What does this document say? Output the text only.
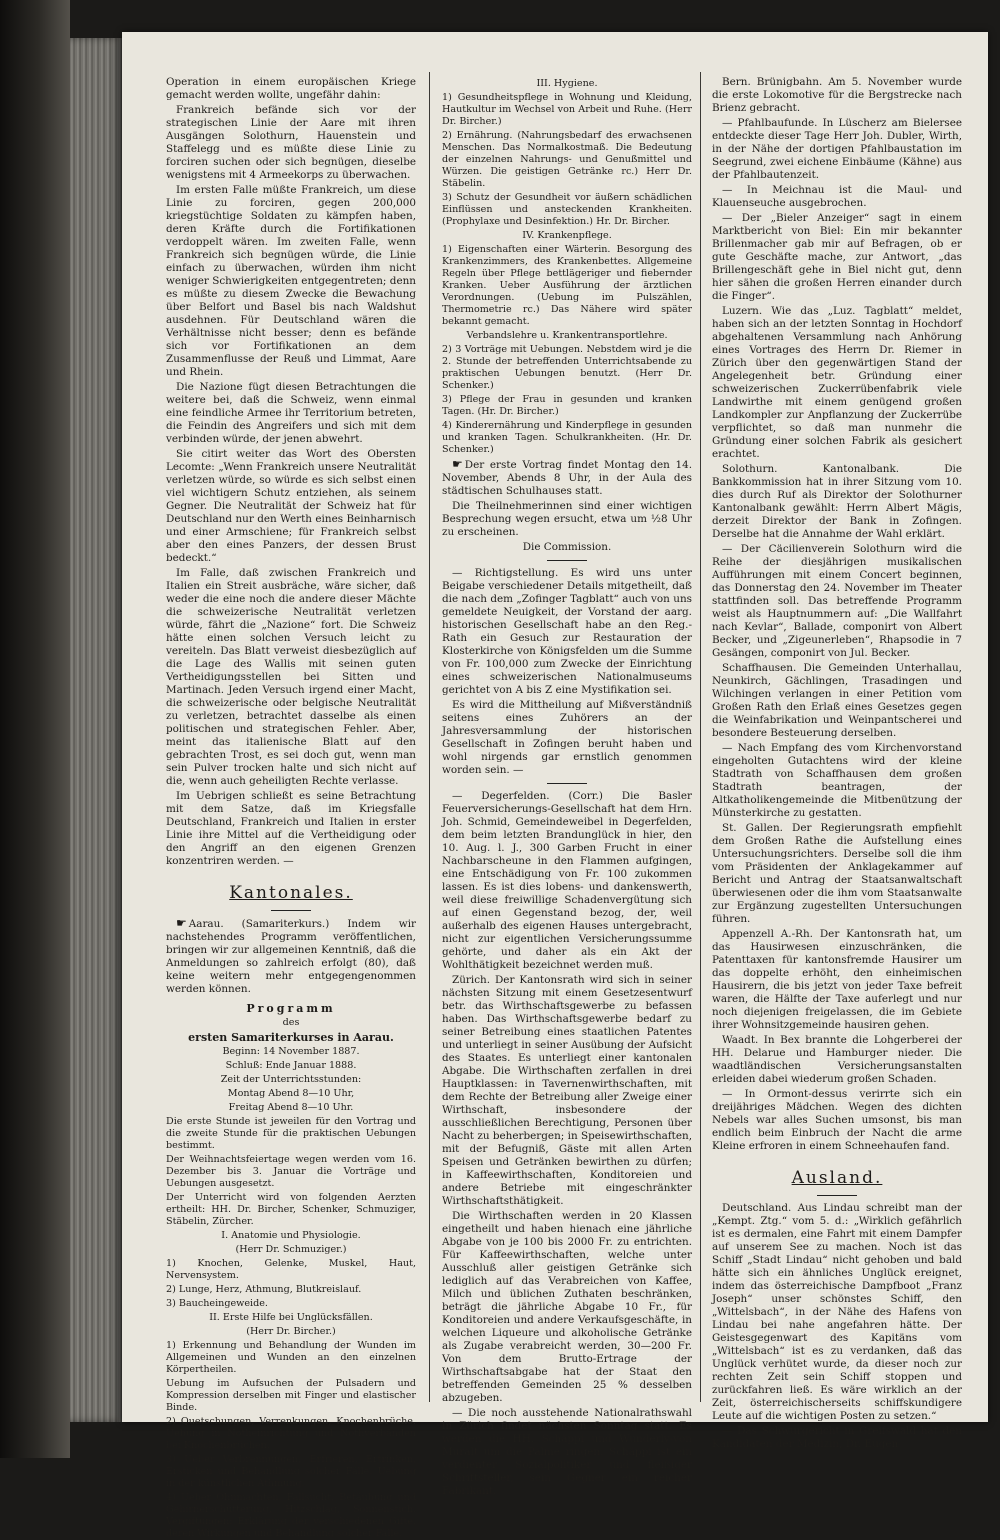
Operation in einem europäischen Kriege gemacht werden wollte, ungefähr dahin:

Frankreich befände sich vor der strategischen Linie der Aare mit ihren Ausgängen Solothurn, Hauenstein und Staffelegg und es müßte diese Linie zu forciren suchen oder sich begnügen, dieselbe wenigstens mit 4 Armeekorps zu überwachen.

Im ersten Falle müßte Frankreich, um diese Linie zu forciren, gegen 200,000 kriegstüchtige Soldaten zu kämpfen haben, deren Kräfte durch die Fortifikationen verdoppelt wären. Im zweiten Falle, wenn Frankreich sich begnügen würde, die Linie einfach zu überwachen, würden ihm nicht weniger Schwierigkeiten entgegentreten; denn es müßte zu diesem Zwecke die Bewachung über Belfort und Basel bis nach Waldshut ausdehnen. Für Deutschland wären die Verhältnisse nicht besser; denn es befände sich vor Fortifikationen an dem Zusammenflusse der Reuß und Limmat, Aare und Rhein.

Die Nazione fügt diesen Betrachtungen die weitere bei, daß die Schweiz, wenn einmal eine feindliche Armee ihr Territorium betreten, die Feindin des Angreifers und sich mit dem verbinden würde, der jenen abwehrt.

Sie citirt weiter das Wort des Obersten Lecomte: „Wenn Frankreich unsere Neutralität verletzen würde, so würde es sich selbst einen viel wichtigern Schutz entziehen, als seinem Gegner. Die Neutralität der Schweiz hat für Deutschland nur den Werth eines Beinharnisch und einer Armschiene; für Frankreich selbst aber den eines Panzers, der dessen Brust bedeckt.“

Im Falle, daß zwischen Frankreich und Italien ein Streit ausbräche, wäre sicher, daß weder die eine noch die andere dieser Mächte die schweizerische Neutralität verletzen würde, fährt die „Nazione“ fort. Die Schweiz hätte einen solchen Versuch leicht zu vereiteln. Das Blatt verweist diesbezüglich auf die Lage des Wallis mit seinen guten Vertheidigungsstellen bei Sitten und Martinach. Jeden Versuch irgend einer Macht, die schweizerische oder belgische Neutralität zu verletzen, betrachtet dasselbe als einen politischen und strategischen Fehler. Aber, meint das italienische Blatt auf den gebrachten Trost, es sei doch gut, wenn man sein Pulver trocken halte und sich nicht auf die, wenn auch geheiligten Rechte verlasse.

Im Uebrigen schließt es seine Betrachtung mit dem Satze, daß im Kriegsfalle Deutschland, Frankreich und Italien in erster Linie ihre Mittel auf die Vertheidigung oder den Angriff an den eigenen Grenzen konzentriren werden. —

Kantonales.

☛ Aarau. (Samariterkurs.) Indem wir nachstehendes Programm veröffentlichen, bringen wir zur allgemeinen Kenntniß, daß die Anmeldungen so zahlreich erfolgt (80), daß keine weitern mehr entgegengenommen werden können.

Programm
des
ersten Samariterkurses in Aarau.
Beginn: 14 November 1887.
Schluß: Ende Januar 1888.
Zeit der Unterrichtsstunden:
Montag Abend 8—10 Uhr,
Freitag Abend 8—10 Uhr.

Die erste Stunde ist jeweilen für den Vortrag und die zweite Stunde für die praktischen Uebungen bestimmt.

Der Weihnachtsfeiertage wegen werden vom 16. Dezember bis 3. Januar die Vorträge und Uebungen ausgesetzt.

Der Unterricht wird von folgenden Aerzten ertheilt: HH. Dr. Bircher, Schenker, Schmuziger, Stäbelin, Zürcher.

I. Anatomie und Physiologie.
(Herr Dr. Schmuziger.)

1) Knochen, Gelenke, Muskel, Haut, Nervensystem.

2) Lunge, Herz, Athmung, Blutkreislauf.

3) Baucheingeweide.

II. Erste Hilfe bei Unglücksfällen.
(Herr Dr. Bircher.)

1) Erkennung und Behandlung der Wunden im Allgemeinen und Wunden an den einzelnen Körpertheilen.

Uebung im Aufsuchen der Pulsadern und Kompression derselben mit Finger und elastischer Binde.

2) Quetschungen, Verrenkungen, Knochenbrüche. Uebung in Notheinrichtung und Nothverbänden bei Knochenbrüchen.

3) Ueber Verbrennungen, Erfrieren, Ertrinken, Ersticken und Behandlung solcher Fälle. Uebung in der künstlichen Athmung.

4) Ueber Ohnmachten, Fallsucht, Betäubung und Gehirnerschütterung, Hitzschlag, Sonnenstich. Vergiftungen: Erklärung der verschiedenen Gifte, deren Wirkungen und Behandlung solcher Fälle.

III. Hygiene.

1) Gesundheitspflege in Wohnung und Kleidung, Hautkultur im Wechsel von Arbeit und Ruhe. (Herr Dr. Bircher.)

2) Ernährung. (Nahrungsbedarf des erwachsenen Menschen. Das Normalkostmaß. Die Bedeutung der einzelnen Nahrungs- und Genußmittel und Würzen. Die geistigen Getränke rc.) Herr Dr. Stäbelin.

3) Schutz der Gesundheit vor äußern schädlichen Einflüssen und ansteckenden Krankheiten. (Prophylaxe und Desinfektion.) Hr. Dr. Bircher.

IV. Krankenpflege.

1) Eigenschaften einer Wärterin. Besorgung des Krankenzimmers, des Krankenbettes. Allgemeine Regeln über Pflege bettlägeriger und fiebernder Kranken. Ueber Ausführung der ärztlichen Verordnungen. (Uebung im Pulszählen, Thermometrie rc.) Das Nähere wird später bekannt gemacht.

Verbandslehre u. Krankentransportlehre.

2) 3 Vorträge mit Uebungen. Nebstdem wird je die 2. Stunde der betreffenden Unterrichtsabende zu praktischen Uebungen benutzt. (Herr Dr. Schenker.)

3) Pflege der Frau in gesunden und kranken Tagen. (Hr. Dr. Bircher.)

4) Kinderernährung und Kinderpflege in gesunden und kranken Tagen. Schulkrankheiten. (Hr. Dr. Schenker.)

☛ Der erste Vortrag findet Montag den 14. November, Abends 8 Uhr, in der Aula des städtischen Schulhauses statt.

Die Theilnehmerinnen sind einer wichtigen Besprechung wegen ersucht, etwa um ½8 Uhr zu erscheinen.

Die Commission.

— Richtigstellung. Es wird uns unter Beigabe verschiedener Details mitgetheilt, daß die nach dem „Zofinger Tagblatt“ auch von uns gemeldete Neuigkeit, der Vorstand der aarg. historischen Gesellschaft habe an den Reg.-Rath ein Gesuch zur Restauration der Klosterkirche von Königsfelden um die Summe von Fr. 100,000 zum Zwecke der Einrichtung eines schweizerischen Nationalmuseums gerichtet von A bis Z eine Mystifikation sei.

Es wird die Mittheilung auf Mißverständniß seitens eines Zuhörers an der Jahresversammlung der historischen Gesellschaft in Zofingen beruht haben und wohl nirgends gar ernstlich genommen worden sein. —

— Degerfelden. (Corr.) Die Basler Feuerversicherungs-Gesellschaft hat dem Hrn. Joh. Schmid, Gemeindeweibel in Degerfelden, dem beim letzten Brandunglück in hier, den 10. Aug. l. J., 300 Garben Frucht in einer Nachbarscheune in den Flammen aufgingen, eine Entschädigung von Fr. 100 zukommen lassen. Es ist dies lobens- und dankenswerth, weil diese freiwillige Schadenvergütung sich auf einen Gegenstand bezog, der, weil außerhalb des eigenen Hauses untergebracht, nicht zur eigentlichen Versicherungssumme gehörte, und daher als ein Akt der Wohlthätigkeit bezeichnet werden muß.

Zürich. Der Kantonsrath wird sich in seiner nächsten Sitzung mit einem Gesetzesentwurf betr. das Wirthschaftsgewerbe zu befassen haben. Das Wirthschaftsgewerbe bedarf zu seiner Betreibung eines staatlichen Patentes und unterliegt in seiner Ausübung der Aufsicht des Staates. Es unterliegt einer kantonalen Abgabe. Die Wirthschaften zerfallen in drei Hauptklassen: in Tavernenwirthschaften, mit dem Rechte der Betreibung aller Zweige einer Wirthschaft, insbesondere der ausschließlichen Berechtigung, Personen über Nacht zu beherbergen; in Speisewirthschaften, mit der Befugniß, Gäste mit allen Arten Speisen und Getränken bewirthen zu dürfen; in Kaffeewirthschaften, Konditoreien und andere Betriebe mit eingeschränkter Wirthschaftsthätigkeit.

Die Wirthschaften werden in 20 Klassen eingetheilt und haben hienach eine jährliche Abgabe von je 100 bis 2000 Fr. zu entrichten. Für Kaffeewirthschaften, welche unter Ausschluß aller geistigen Getränke sich lediglich auf das Verabreichen von Kaffee, Milch und üblichen Zuthaten beschränken, beträgt die jährliche Abgabe 10 Fr., für Konditoreien und andere Verkaufsgeschäfte, in welchen Liqueure und alkoholische Getränke als Zugabe verabreicht werden, 30—200 Fr. Von dem Brutto-Ertrage der Wirthschaftsabgabe hat der Staat den betreffenden Gemeinden 25 % desselben abzugeben.

— Die noch ausstehende Nationalrathswahl in Zürich findet nächsten Sonntag statt. Es werden die HH. Schäppi und Wunderly-von Muralt um die Palme ringen. Schäppi ist ein verdienter Sozialpolitiker und fleißiger Schriftsteller, sein Gegner ein reicher Fabrikant.

Bern. Brünigbahn. Am 5. November wurde die erste Lokomotive für die Bergstrecke nach Brienz gebracht.

— Pfahlbaufunde. In Lüscherz am Bielersee entdeckte dieser Tage Herr Joh. Dubler, Wirth, in der Nähe der dortigen Pfahlbaustation im Seegrund, zwei eichene Einbäume (Kähne) aus der Pfahlbautenzeit.

— In Meichnau ist die Maul- und Klauenseuche ausgebrochen.

— Der „Bieler Anzeiger“ sagt in einem Marktbericht von Biel: Ein mir bekannter Brillenmacher gab mir auf Befragen, ob er gute Geschäfte mache, zur Antwort, „das Brillengeschäft gehe in Biel nicht gut, denn hier sähen die großen Herren einander durch die Finger“.

Luzern. Wie das „Luz. Tagblatt“ meldet, haben sich an der letzten Sonntag in Hochdorf abgehaltenen Versammlung nach Anhörung eines Vortrages des Herrn Dr. Riemer in Zürich über den gegenwärtigen Stand der Angelegenheit betr. Gründung einer schweizerischen Zuckerrübenfabrik viele Landwirthe mit einem genügend großen Landkompler zur Anpflanzung der Zuckerrübe verpflichtet, so daß man nunmehr die Gründung einer solchen Fabrik als gesichert erachtet.

Solothurn. Kantonalbank. Die Bankkommission hat in ihrer Sitzung vom 10. dies durch Ruf als Direktor der Solothurner Kantonalbank gewählt: Herrn Albert Mägis, derzeit Direktor der Bank in Zofingen. Derselbe hat die Annahme der Wahl erklärt.

— Der Cäcilienverein Solothurn wird die Reihe der diesjährigen musikalischen Aufführungen mit einem Concert beginnen, das Donnerstag den 24. November im Theater stattfinden soll. Das betreffende Programm weist als Hauptnummern auf: „Die Wallfahrt nach Kevlar“, Ballade, componirt von Albert Becker, und „Zigeunerleben“, Rhapsodie in 7 Gesängen, componirt von Jul. Becker.

Schaffhausen. Die Gemeinden Unterhallau, Neunkirch, Gächlingen, Trasadingen und Wilchingen verlangen in einer Petition vom Großen Rath den Erlaß eines Gesetzes gegen die Weinfabrikation und Weinpantscherei und besondere Besteuerung derselben.

— Nach Empfang des vom Kirchenvorstand eingeholten Gutachtens wird der kleine Stadtrath von Schaffhausen dem großen Stadtrath beantragen, der Altkatholikengemeinde die Mitbenützung der Münsterkirche zu gestatten.

St. Gallen. Der Regierungsrath empfiehlt dem Großen Rathe die Aufstellung eines Untersuchungsrichters. Derselbe soll die ihm vom Präsidenten der Anklagekammer auf Bericht und Antrag der Staatsanwaltschaft überwiesenen oder die ihm vom Staatsanwalte zur Ergänzung zugestellten Untersuchungen führen.

Appenzell A.-Rh. Der Kantonsrath hat, um das Hausirwesen einzuschränken, die Patenttaxen für kantonsfremde Hausirer um das doppelte erhöht, den einheimischen Hausirern, die bis jetzt von jeder Taxe befreit waren, die Hälfte der Taxe auferlegt und nur noch diejenigen freigelassen, die im Gebiete ihrer Wohnsitzgemeinde hausiren gehen.

Waadt. In Bex brannte die Lohgerberei der HH. Delarue und Hamburger nieder. Die waadtländischen Versicherungsanstalten erleiden dabei wiederum großen Schaden.

— In Ormont-dessus verirrte sich ein dreijähriges Mädchen. Wegen des dichten Nebels war alles Suchen umsonst, bis man endlich beim Einbruch der Nacht die arme Kleine erfroren in einem Schneehaufen fand.

Ausland.

Deutschland. Aus Lindau schreibt man der „Kempt. Ztg.“ vom 5. d.: „Wirklich gefährlich ist es dermalen, eine Fahrt mit einem Dampfer auf unserem See zu machen. Noch ist das Schiff „Stadt Lindau“ nicht gehoben und bald hätte sich ein ähnliches Unglück ereignet, indem das österreichische Dampfboot „Franz Joseph“ unser schönstes Schiff, den „Wittelsbach“, in der Nähe des Hafens von Lindau bei nahe angefahren hätte. Der Geistesgegenwart des Kapitäns vom „Wittelsbach“ ist es zu verdanken, daß das Unglück verhütet wurde, da dieser noch zur rechten Zeit sein Schiff stoppen und zurückfahren ließ. Es wäre wirklich an der Zeit, österreichischerseits schiffskundigere Leute auf die wichtigen Posten zu setzen.“

— Das Schwurgericht in Greifswald hat den Kandidaten der Medizin, Dr. Eugen
